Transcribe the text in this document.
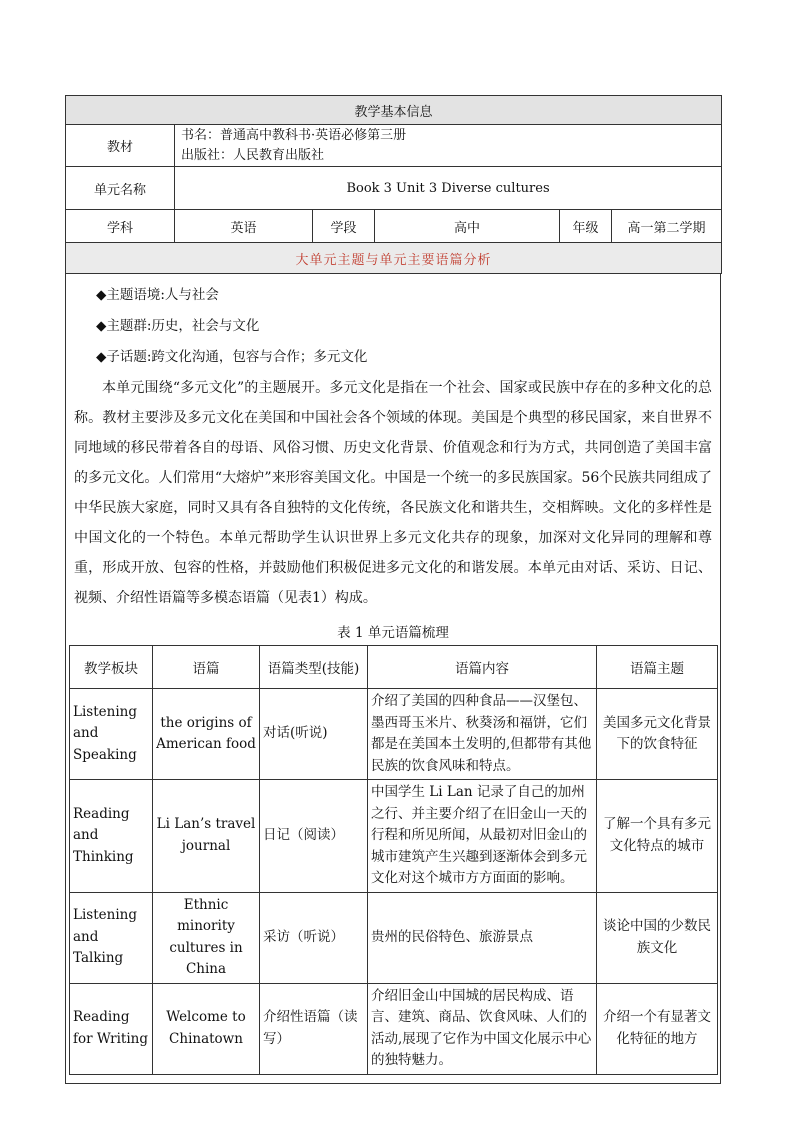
教学基本信息					
教材	书名：普通高中教科书·英语必修第三册
出版社：人民教育出版社				

单元名称	Book 3 Unit 3 Diverse cultures				
学科	英语	学段	高中	年级	高一第二学期
大单元主题与单元主要语篇分析					
◆主题语境:人与社会
◆主题群:历史，社会与文化
◆子话题:跨文化沟通，包容与合作；多元文化

本单元围绕“多元文化”的主题展开。多元文化是指在一个社会、国家或民族中存在的多种文化的总称。教材主要涉及多元文化在美国和中国社会各个领域的体现。美国是个典型的移民国家，来自世界不同地域的移民带着各自的母语、风俗习惯、历史文化背景、价值观念和行为方式，共同创造了美国丰富的多元文化。人们常用“大熔炉”来形容美国文化。中国是一个统一的多民族国家。56个民族共同组成了中华民族大家庭，同时又具有各自独特的文化传统，各民族文化和谐共生，交相辉映。文化的多样性是中国文化的一个特色。本单元帮助学生认识世界上多元文化共存的现象，加深对文化异同的理解和尊重，形成开放、包容的性格，并鼓励他们积极促进多元文化的和谐发展。本单元由对话、采访、日记、视频、介绍性语篇等多模态语篇（见表1）构成。

表 1 单元语篇梳理
教学板块	语篇	语篇类型(技能)	语篇内容	语篇主题
Listening and Speaking	the origins of American food	对话(听说)	介绍了美国的四种食品——汉堡包、墨西哥玉米片、秋葵汤和福饼，它们都是在美国本土发明的,但都带有其他民族的饮食风味和特点。	美国多元文化背景下的饮食特征
Reading and Thinking	Li Lan’s travel journal	日记（阅读）	中国学生 Li Lan 记录了自己的加州之行、并主要介绍了在旧金山一天的行程和所见所闻，从最初对旧金山的城市建筑产生兴趣到逐渐体会到多元文化对这个城市方方面面的影响。	了解一个具有多元文化特点的城市
Listening and Talking	Ethnic minority cultures in China	采访（听说）	贵州的民俗特色、旅游景点	谈论中国的少数民族文化
Reading for Writing	Welcome to Chinatown	介绍性语篇（读写）	介绍旧金山中国城的居民构成、语言、建筑、商品、饮食风味、人们的活动,展现了它作为中国文化展示中心的独特魅力。	介绍一个有显著文化特征的地方
